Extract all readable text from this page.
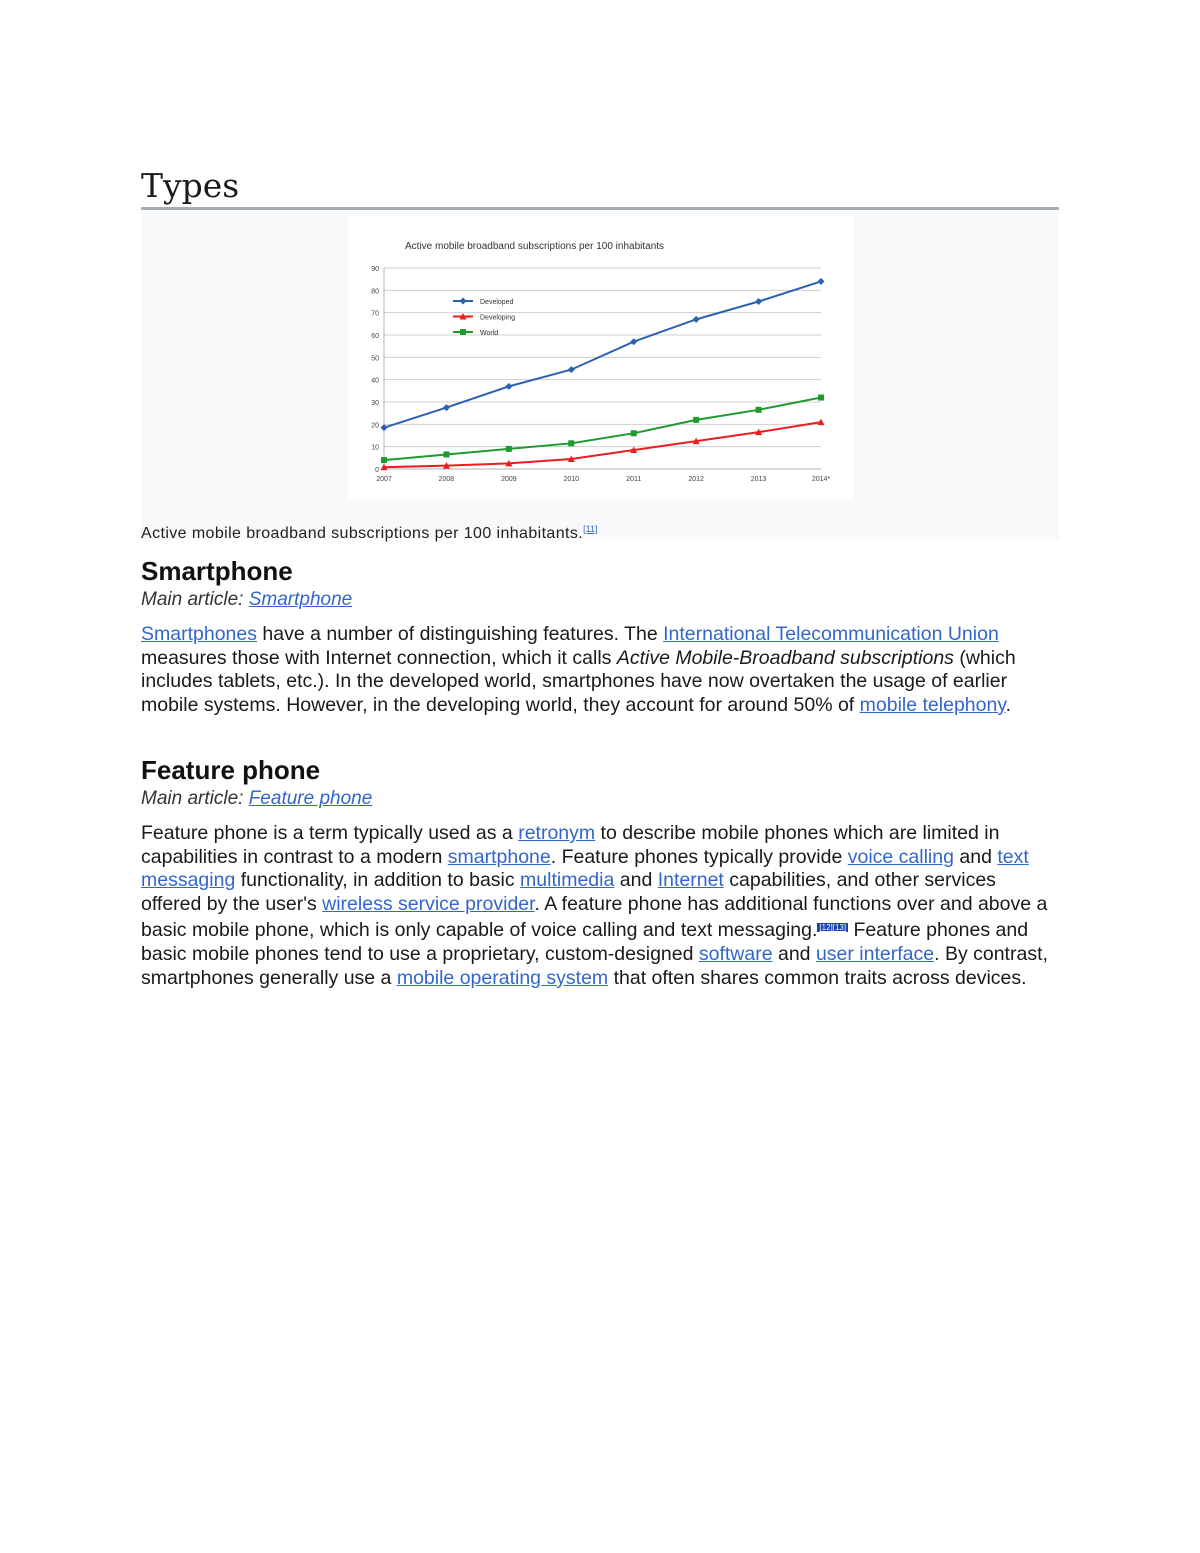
Types
Active mobile broadband subscriptions per 100 inhabitants
0
10
20
30
40
50
60
70
80
90
2007	2008	2009	2010	2011	2012	2013	2014*
Developed
Developing
World
Active mobile broadband subscriptions per 100 inhabitants.[11]
Smartphone
Main article: Smartphone
Smartphones have a number of distinguishing features. The International Telecommunication Union measures those with Internet connection, which it calls Active Mobile-Broadband subscriptions (which includes tablets, etc.). In the developed world, smartphones have now overtaken the usage of earlier mobile systems. However, in the developing world, they account for around 50% of mobile telephony.
Feature phone
Main article: Feature phone
Feature phone is a term typically used as a retronym to describe mobile phones which are limited in capabilities in contrast to a modern smartphone. Feature phones typically provide voice calling and text messaging functionality, in addition to basic multimedia and Internet capabilities, and other services offered by the user's wireless service provider. A feature phone has additional functions over and above a basic mobile phone, which is only capable of voice calling and text messaging. [12][13] Feature phones and basic mobile phones tend to use a proprietary, custom-designed software and user interface. By contrast, smartphones generally use a mobile operating system that often shares common traits across devices.
